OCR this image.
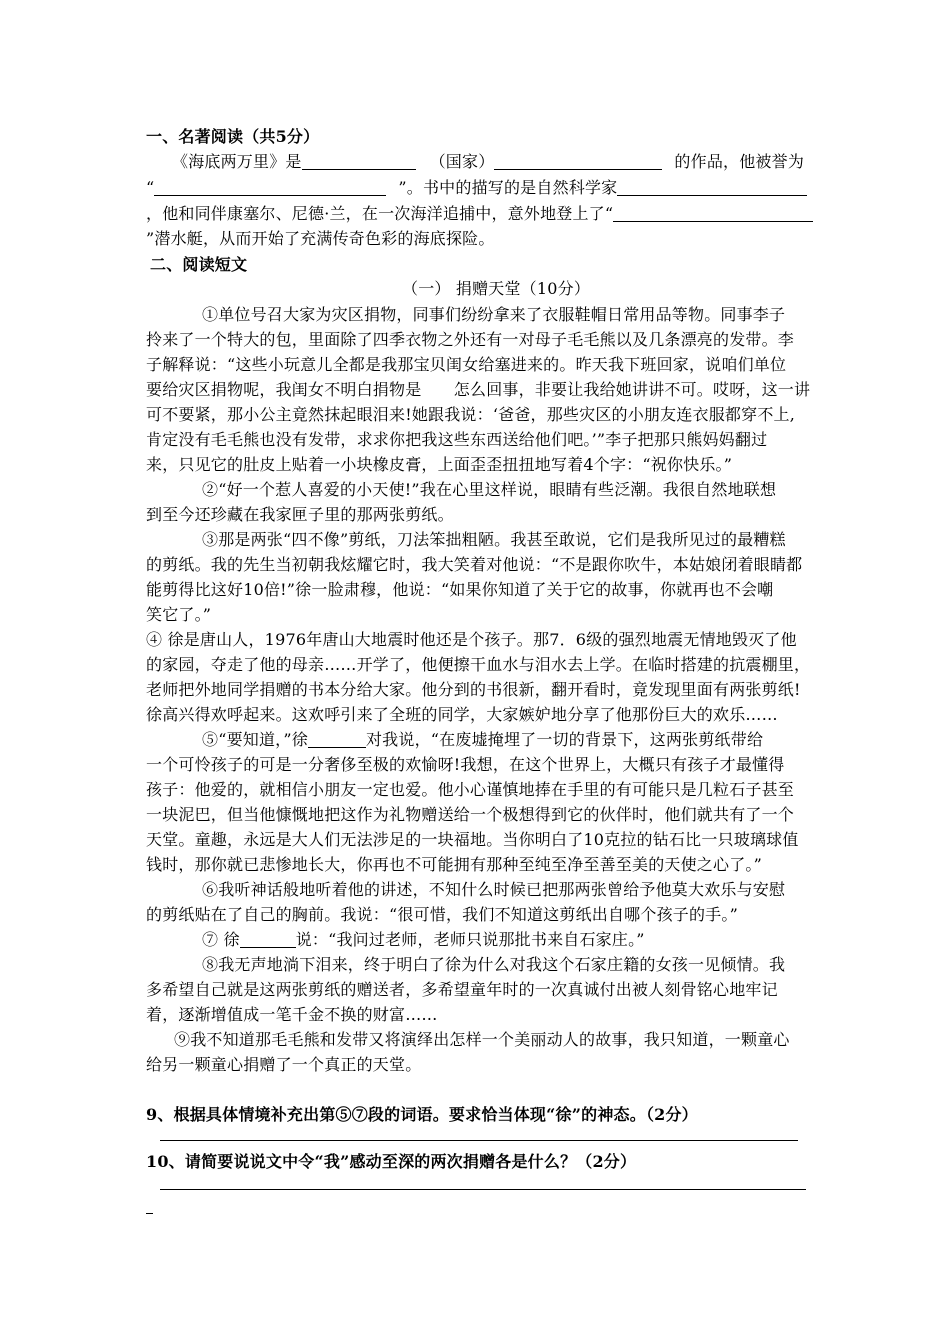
一、名著阅读（共5分）
《海底两万里》是	（国家）	的作品，他被誉为
“	”。书中的描写的是自然科学家
，他和同伴康塞尔、尼德·兰，在一次海洋追捕中，意外地登上了“
”潜水艇，从而开始了充满传奇色彩的海底探险。
二、阅读短文
（一） 捐赠天堂（10分）
①单位号召大家为灾区捐物，同事们纷纷拿来了衣服鞋帽日常用品等物。同事李子
拎来了一个特大的包，里面除了四季衣物之外还有一对母子毛毛熊以及几条漂亮的发带。李
子解释说：“这些小玩意儿全都是我那宝贝闺女给塞进来的。昨天我下班回家，说咱们单位
要给灾区捐物呢，我闺女不明白捐物是　　怎么回事，非要让我给她讲讲不可。哎呀，这一讲
可不要紧，那小公主竟然抹起眼泪来!她跟我说：‘爸爸，那些灾区的小朋友连衣服都穿不上,
肯定没有毛毛熊也没有发带，求求你把我这些东西送给他们吧。’”李子把那只熊妈妈翻过
来，只见它的肚皮上贴着一小块橡皮膏，上面歪歪扭扭地写着4个字：“祝你快乐。”
②“好一个惹人喜爱的小天使!”我在心里这样说，眼睛有些泛潮。我很自然地联想
到至今还珍藏在我家匣子里的那两张剪纸。
③那是两张“四不像”剪纸，刀法笨拙粗陋。我甚至敢说，它们是我所见过的最糟糕
的剪纸。我的先生当初朝我炫耀它时，我大笑着对他说：“不是跟你吹牛，本姑娘闭着眼睛都
能剪得比这好10倍!”徐一脸肃穆，他说：“如果你知道了关于它的故事，你就再也不会嘲
笑它了。”
④ 徐是唐山人，1976年唐山大地震时他还是个孩子。那7．6级的强烈地震无情地毁灭了他
的家园，夺走了他的母亲……开学了，他便擦干血水与泪水去上学。在临时搭建的抗震棚里，
老师把外地同学捐赠的书本分给大家。他分到的书很新，翻开看时，竟发现里面有两张剪纸!
徐高兴得欢呼起来。这欢呼引来了全班的同学，大家嫉妒地分享了他那份巨大的欢乐……
⑤“要知道，”徐	对我说，“在废墟掩埋了一切的背景下，这两张剪纸带给
一个可怜孩子的可是一分奢侈至极的欢愉呀!我想，在这个世界上，大概只有孩子才最懂得
孩子：他爱的，就相信小朋友一定也爱。他小心谨慎地捧在手里的有可能只是几粒石子甚至
一块泥巴，但当他慷慨地把这作为礼物赠送给一个极想得到它的伙伴时，他们就共有了一个
天堂。童趣，永远是大人们无法涉足的一块福地。当你明白了10克拉的钻石比一只玻璃球值
钱时，那你就已悲惨地长大，你再也不可能拥有那种至纯至净至善至美的天使之心了。”
⑥我听神话般地听着他的讲述，不知什么时候已把那两张曾给予他莫大欢乐与安慰
的剪纸贴在了自己的胸前。我说：“很可惜，我们不知道这剪纸出自哪个孩子的手。”
⑦ 徐	说：“我问过老师，老师只说那批书来自石家庄。”
⑧我无声地淌下泪来，终于明白了徐为什么对我这个石家庄籍的女孩一见倾情。我
多希望自己就是这两张剪纸的赠送者，多希望童年时的一次真诚付出被人刻骨铭心地牢记
着，逐渐增值成一笔千金不换的财富……
⑨我不知道那毛毛熊和发带又将演绎出怎样一个美丽动人的故事，我只知道，一颗童心
给另一颗童心捐赠了一个真正的天堂。
9、根据具体情境补充出第⑤⑦段的词语。要求恰当体现“徐”的神态。（2分）
10、请简要说说文中令“我”感动至深的两次捐赠各是什么？（2分）
